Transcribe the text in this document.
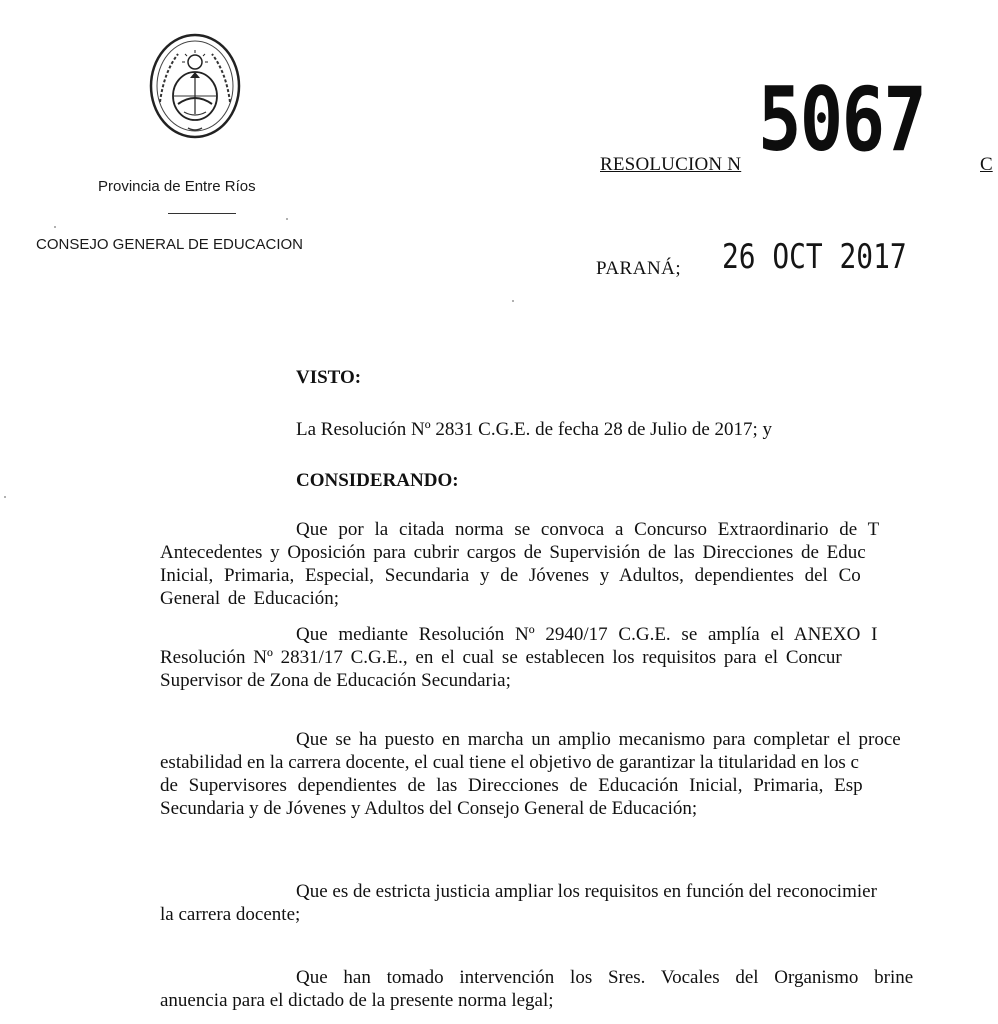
Provincia de Entre Ríos
CONSEJO GENERAL DE EDUCACION
RESOLUCION N 5067	C
PARANÁ; 26 OCT 2017
VISTO:
La Resolución Nº 2831 C.G.E. de fecha 28 de Julio de 2017; y
CONSIDERANDO:
Que por la citada norma se convoca a Concurso Extraordinario de T
Antecedentes y Oposición para cubrir cargos de Supervisión de las Direcciones de Educ
Inicial, Primaria, Especial, Secundaria y de Jóvenes y Adultos, dependientes del Co
General de Educación;
Que mediante Resolución Nº 2940/17 C.G.E. se amplía el ANEXO I
Resolución Nº 2831/17 C.G.E., en el cual se establecen los requisitos para el Concur
Supervisor de Zona de Educación Secundaria;
Que se ha puesto en marcha un amplio mecanismo para completar el proce
estabilidad en la carrera docente, el cual tiene el objetivo de garantizar la titularidad en los c
de Supervisores dependientes de las Direcciones de Educación Inicial, Primaria, Esp
Secundaria y de Jóvenes y Adultos del Consejo General de Educación;
Que es de estricta justicia ampliar los requisitos en función del reconocimier
la carrera docente;
Que han tomado intervención los Sres. Vocales del Organismo brine
anuencia para el dictado de la presente norma legal;
